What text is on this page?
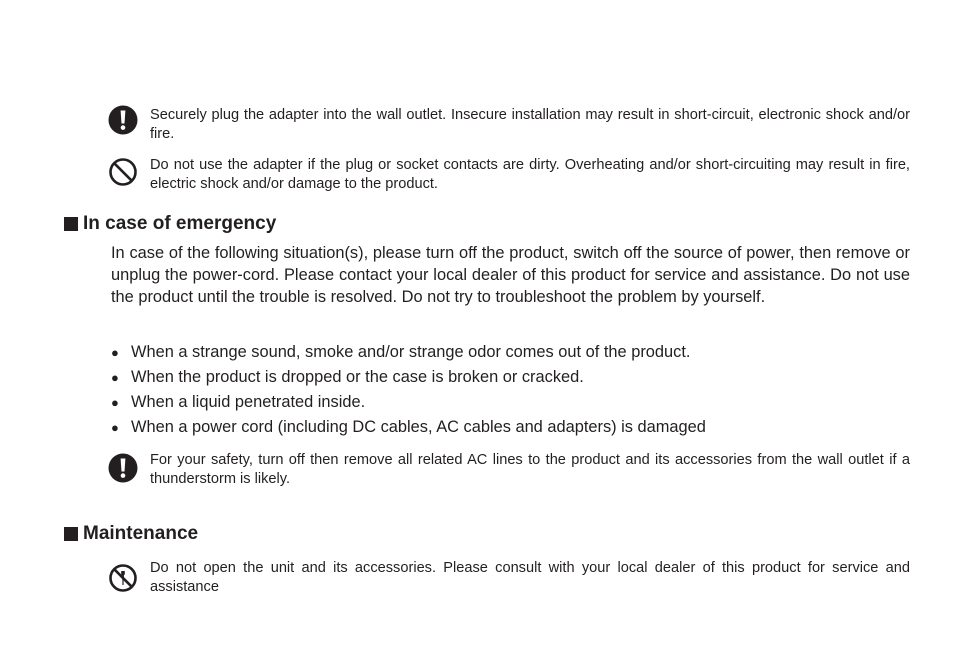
Securely plug the adapter into the wall outlet. Insecure installation may result in short-circuit, electronic shock and/or fire.
Do not use the adapter if the plug or socket contacts are dirty. Overheating and/or short-circuiting may result in fire, electric shock and/or damage to the product.
In case of emergency
In case of the following situation(s), please turn off the product, switch off the source of power, then remove or unplug the power-cord. Please contact your local dealer of this product for service and assistance. Do not use the product until the trouble is resolved. Do not try to troubleshoot the problem by yourself.
● When a strange sound, smoke and/or strange odor comes out of the product.
● When the product is dropped or the case is broken or cracked.
● When a liquid penetrated inside.
● When a power cord (including DC cables, AC cables and adapters) is damaged
For your safety, turn off then remove all related AC lines to the product and its accessories from the wall outlet if a thunderstorm is likely.
Maintenance
Do not open the unit and its accessories. Please consult with your local dealer of this product for service and assistance
